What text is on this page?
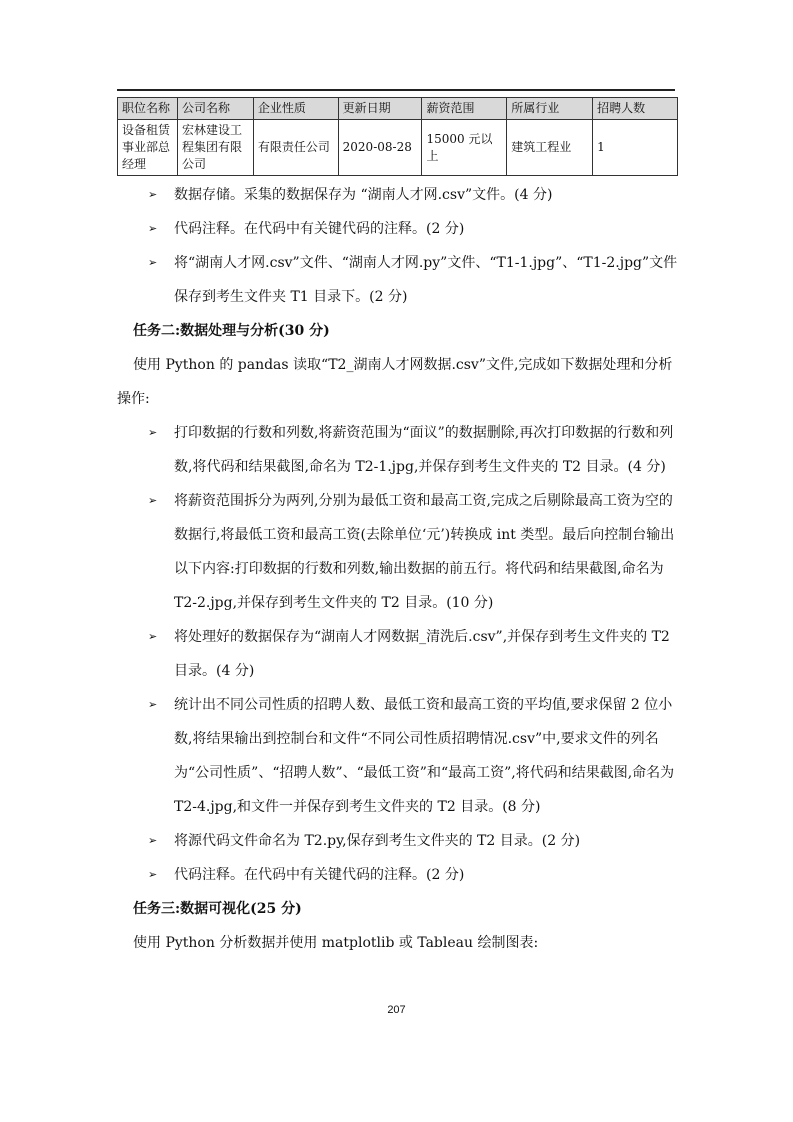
职位名称	公司名称	企业性质	更新日期	薪资范围	所属行业	招聘人数
设备租赁事业部总经理	宏林建设工程集团有限公司	有限责任公司	2020-08-28	15000 元以上	建筑工程业	1
➢ 数据存储。采集的数据保存为 “湖南人才网.csv”文件。(4 分)
➢ 代码注释。在代码中有关键代码的注释。(2 分)
➢ 将“湖南人才网.csv”文件、“湖南人才网.py”文件、“T1-1.jpg”、“T1-2.jpg”文件保存到考生文件夹 T1 目录下。(2 分)
任务二:数据处理与分析(30 分)
使用 Python 的 pandas 读取“T2_湖南人才网数据.csv”文件,完成如下数据处理和分析操作:
➢ 打印数据的行数和列数,将薪资范围为“面议”的数据删除,再次打印数据的行数和列数,将代码和结果截图,命名为 T2-1.jpg,并保存到考生文件夹的 T2 目录。(4 分)
➢ 将薪资范围拆分为两列,分别为最低工资和最高工资,完成之后剔除最高工资为空的数据行,将最低工资和最高工资(去除单位‘元’)转换成 int 类型。最后向控制台输出以下内容:打印数据的行数和列数,输出数据的前五行。将代码和结果截图,命名为 T2-2.jpg,并保存到考生文件夹的 T2 目录。(10 分)
➢ 将处理好的数据保存为“湖南人才网数据_清洗后.csv”,并保存到考生文件夹的 T2 目录。(4 分)
➢ 统计出不同公司性质的招聘人数、最低工资和最高工资的平均值,要求保留 2 位小数,将结果输出到控制台和文件“不同公司性质招聘情况.csv”中,要求文件的列名为“公司性质”、“招聘人数”、“最低工资”和“最高工资”,将代码和结果截图,命名为 T2-4.jpg,和文件一并保存到考生文件夹的 T2 目录。(8 分)
➢ 将源代码文件命名为 T2.py,保存到考生文件夹的 T2 目录。(2 分)
➢ 代码注释。在代码中有关键代码的注释。(2 分)
任务三:数据可视化(25 分)
使用 Python 分析数据并使用 matplotlib 或 Tableau 绘制图表:
207
